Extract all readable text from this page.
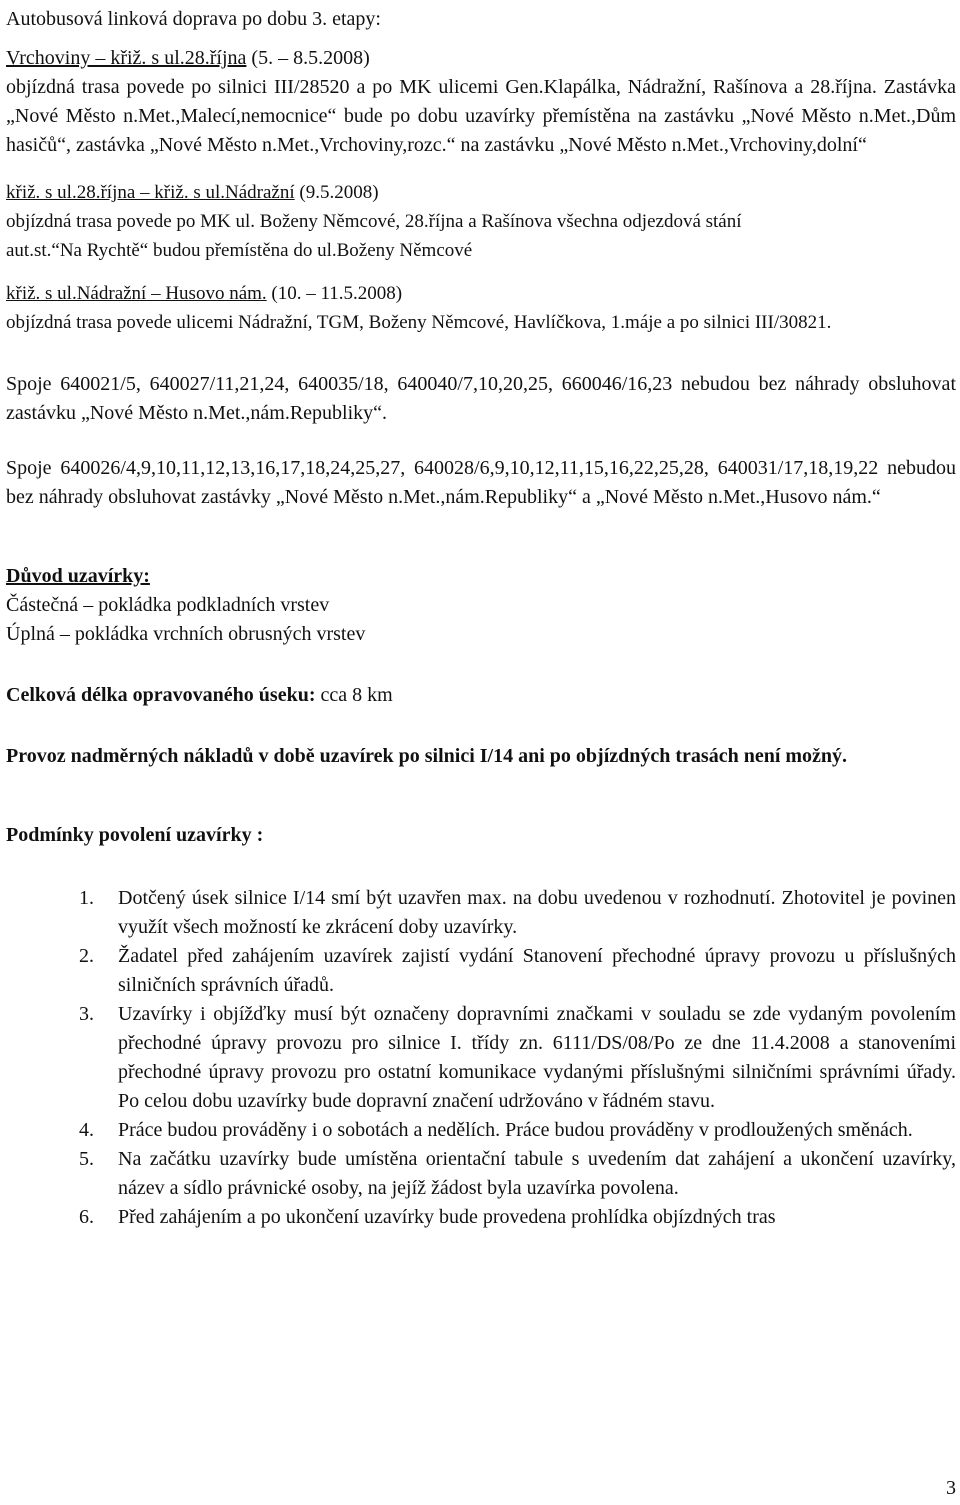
Autobusová linková doprava po dobu 3. etapy:

Vrchoviny – křiž. s ul.28.října (5. – 8.5.2008)

objízdná trasa povede po silnici III/28520 a po MK ulicemi Gen.Klapálka, Nádražní, Rašínova a 28.října. Zastávka „Nové Město n.Met.,Malecí,nemocnice“ bude po dobu uzavírky přemístěna na zastávku „Nové Město n.Met.,Dům hasičů“, zastávka „Nové Město n.Met.,Vrchoviny,rozc.“ na zastávku „Nové Město n.Met.,Vrchoviny,dolní“

křiž. s ul.28.října – křiž. s ul.Nádražní (9.5.2008)

objízdná trasa povede po MK ul. Boženy Němcové, 28.října a Rašínova všechna odjezdová stání aut.st.“Na Rychtě“ budou přemístěna do ul.Boženy Němcové

křiž. s ul.Nádražní – Husovo nám. (10. – 11.5.2008)

objízdná trasa povede ulicemi Nádražní, TGM, Boženy Němcové, Havlíčkova, 1.máje a po silnici III/30821.

Spoje 640021/5, 640027/11,21,24, 640035/18, 640040/7,10,20,25, 660046/16,23 nebudou bez náhrady obsluhovat zastávku „Nové Město n.Met.,nám.Republiky“.

Spoje 640026/4,9,10,11,12,13,16,17,18,24,25,27, 640028/6,9,10,12,11,15,16,22,25,28, 640031/17,18,19,22 nebudou bez náhrady obsluhovat zastávky „Nové Město n.Met.,nám.Republiky“ a „Nové Město n.Met.,Husovo nám.“

Důvod uzavírky:

Částečná – pokládka podkladních vrstev

Úplná – pokládka vrchních obrusných vrstev

Celková délka opravovaného úseku: cca 8 km

Provoz nadměrných nákladů v době uzavírek po silnici I/14 ani po objízdných trasách není možný.

Podmínky povolení uzavírky :

1. Dotčený úsek silnice I/14 smí být uzavřen max. na dobu uvedenou v rozhodnutí. Zhotovitel je povinen využít všech možností ke zkrácení doby uzavírky.
2. Žadatel před zahájením uzavírek zajistí vydání Stanovení přechodné úpravy provozu u příslušných silničních správních úřadů.
3. Uzavírky i objížďky musí být označeny dopravními značkami v souladu se zde vydaným povolením přechodné úpravy provozu pro silnice I. třídy zn. 6111/DS/08/Po ze dne 11.4.2008 a stanoveními přechodné úpravy provozu pro ostatní komunikace vydanými příslušnými silničními správními úřady. Po celou dobu uzavírky bude dopravní značení udržováno v řádném stavu.
4. Práce budou prováděny i o sobotách a nedělích. Práce budou prováděny v prodloužených směnách.
5. Na začátku uzavírky bude umístěna orientační tabule s uvedením dat zahájení a ukončení uzavírky, název a sídlo právnické osoby, na jejíž žádost byla uzavírka povolena.
6. Před zahájením a po ukončení uzavírky bude provedena prohlídka objízdných tras
3
